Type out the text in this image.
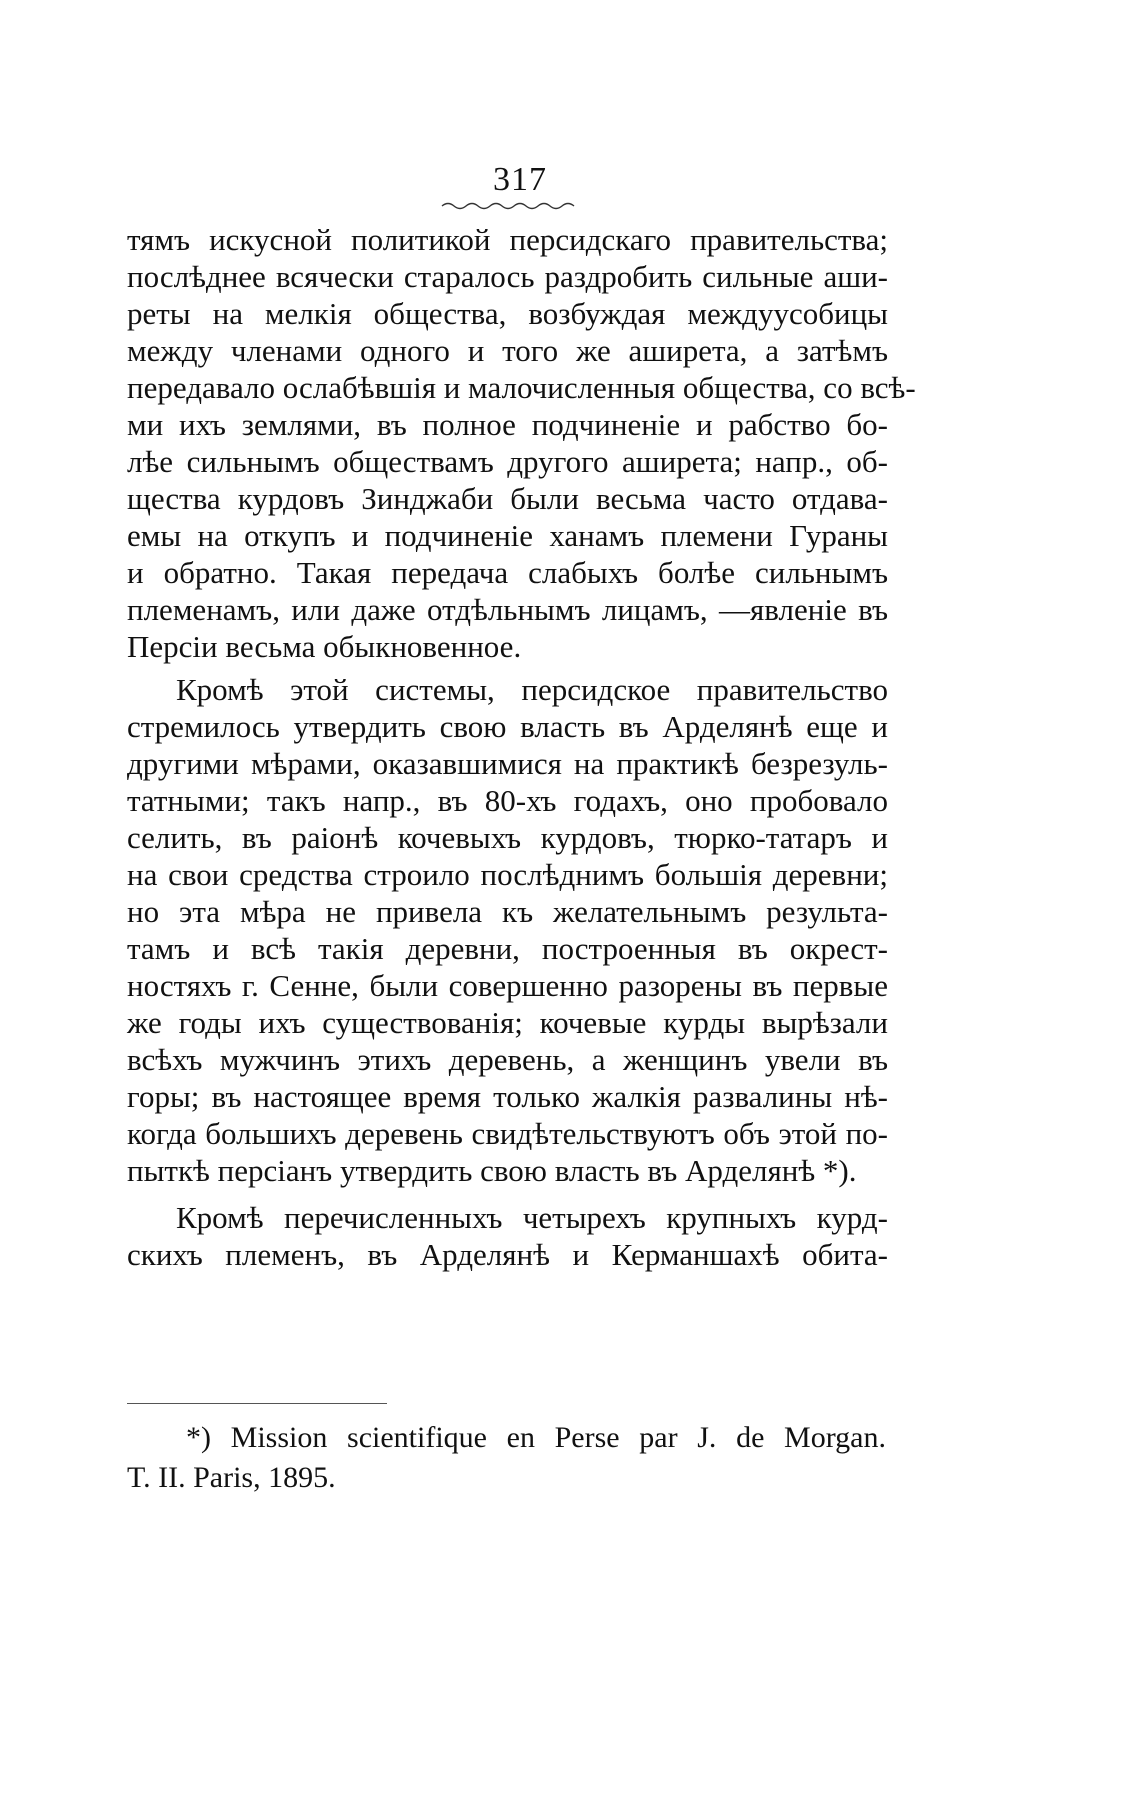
317
тямъ искусной политикой персидскаго правительства;
послѣднее всячески старалось раздробить сильные аши-
реты на мелкія общества, возбуждая междуусобицы
между членами одного и того же аширета, а затѣмъ
передавало ослабѣвшія и малочисленныя общества, со всѣ-
ми ихъ землями, въ полное подчиненіе и рабство бо-
лѣе сильнымъ обществамъ другого аширета; напр., об-
щества курдовъ Зинджаби были весьма часто отдава-
емы на откупъ и подчиненіе ханамъ племени Гураны
и обратно. Такая передача слабыхъ болѣе сильнымъ
племенамъ, или даже отдѣльнымъ лицамъ, —явленіе въ
Персіи весьма обыкновенное.
Кромѣ этой системы, персидское правительство
стремилось утвердить свою власть въ Арделянѣ еще и
другими мѣрами, оказавшимися на практикѣ безрезуль-
татными; такъ напр., въ 80-хъ годахъ, оно пробовало
селить, въ раіонѣ кочевыхъ курдовъ, тюрко-татаръ и
на свои средства строило послѣднимъ большія деревни;
но эта мѣра не привела къ желательнымъ результа-
тамъ и всѣ такія деревни, построенныя въ окрест-
ностяхъ г. Сенне, были совершенно разорены въ первые
же годы ихъ существованія; кочевые курды вырѣзали
всѣхъ мужчинъ этихъ деревень, а женщинъ увели въ
горы; въ настоящее время только жалкія развалины нѣ-
когда большихъ деревень свидѣтельствуютъ объ этой по-
пыткѣ персіанъ утвердить свою власть въ Арделянѣ *).
Кромѣ перечисленныхъ четырехъ крупныхъ курд-
скихъ племенъ, въ Арделянѣ и Керманшахѣ обита-
*) Mission scientifique en Perse par J. de Morgan.
T. II. Paris, 1895.
